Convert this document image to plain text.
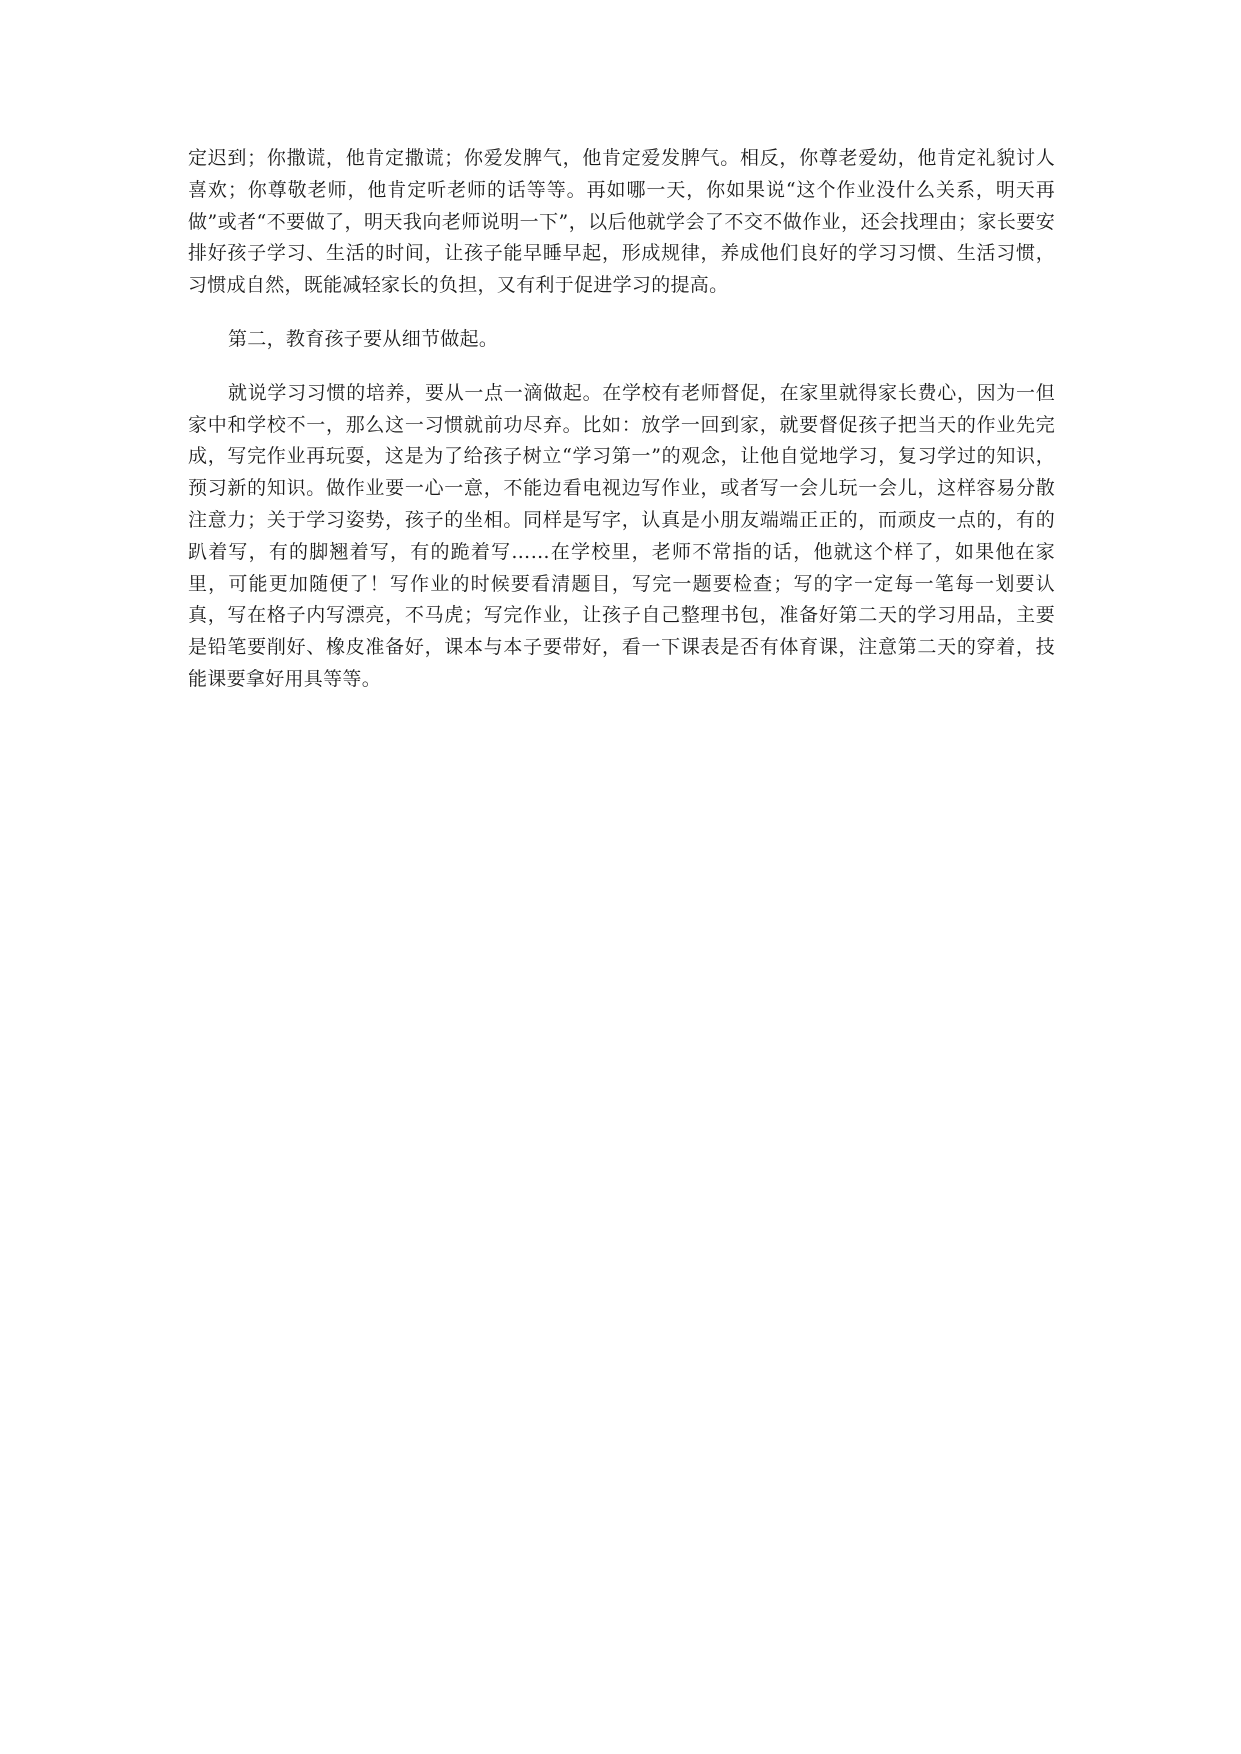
定迟到；你撒谎，他肯定撒谎；你爱发脾气，他肯定爱发脾气。相反，你尊老爱幼，他肯定礼貌讨人喜欢；你尊敬老师，他肯定听老师的话等等。再如哪一天，你如果说“这个作业没什么关系，明天再做”或者“不要做了，明天我向老师说明一下”，以后他就学会了不交不做作业，还会找理由；家长要安排好孩子学习、生活的时间，让孩子能早睡早起，形成规律，养成他们良好的学习习惯、生活习惯，习惯成自然，既能减轻家长的负担，又有利于促进学习的提高。

第二，教育孩子要从细节做起。

就说学习习惯的培养，要从一点一滴做起。在学校有老师督促，在家里就得家长费心，因为一但家中和学校不一，那么这一习惯就前功尽弃。比如：放学一回到家，就要督促孩子把当天的作业先完成，写完作业再玩耍，这是为了给孩子树立“学习第一”的观念，让他自觉地学习，复习学过的知识，预习新的知识。做作业要一心一意，不能边看电视边写作业，或者写一会儿玩一会儿，这样容易分散注意力；关于学习姿势，孩子的坐相。同样是写字，认真是小朋友端端正正的，而顽皮一点的，有的趴着写，有的脚翘着写，有的跪着写……在学校里，老师不常指的话，他就这个样了，如果他在家里，可能更加随便了！写作业的时候要看清题目，写完一题要检查；写的字一定每一笔每一划要认真，写在格子内写漂亮，不马虎；写完作业，让孩子自己整理书包，准备好第二天的学习用品，主要是铅笔要削好、橡皮准备好，课本与本子要带好，看一下课表是否有体育课，注意第二天的穿着，技能课要拿好用具等等。
